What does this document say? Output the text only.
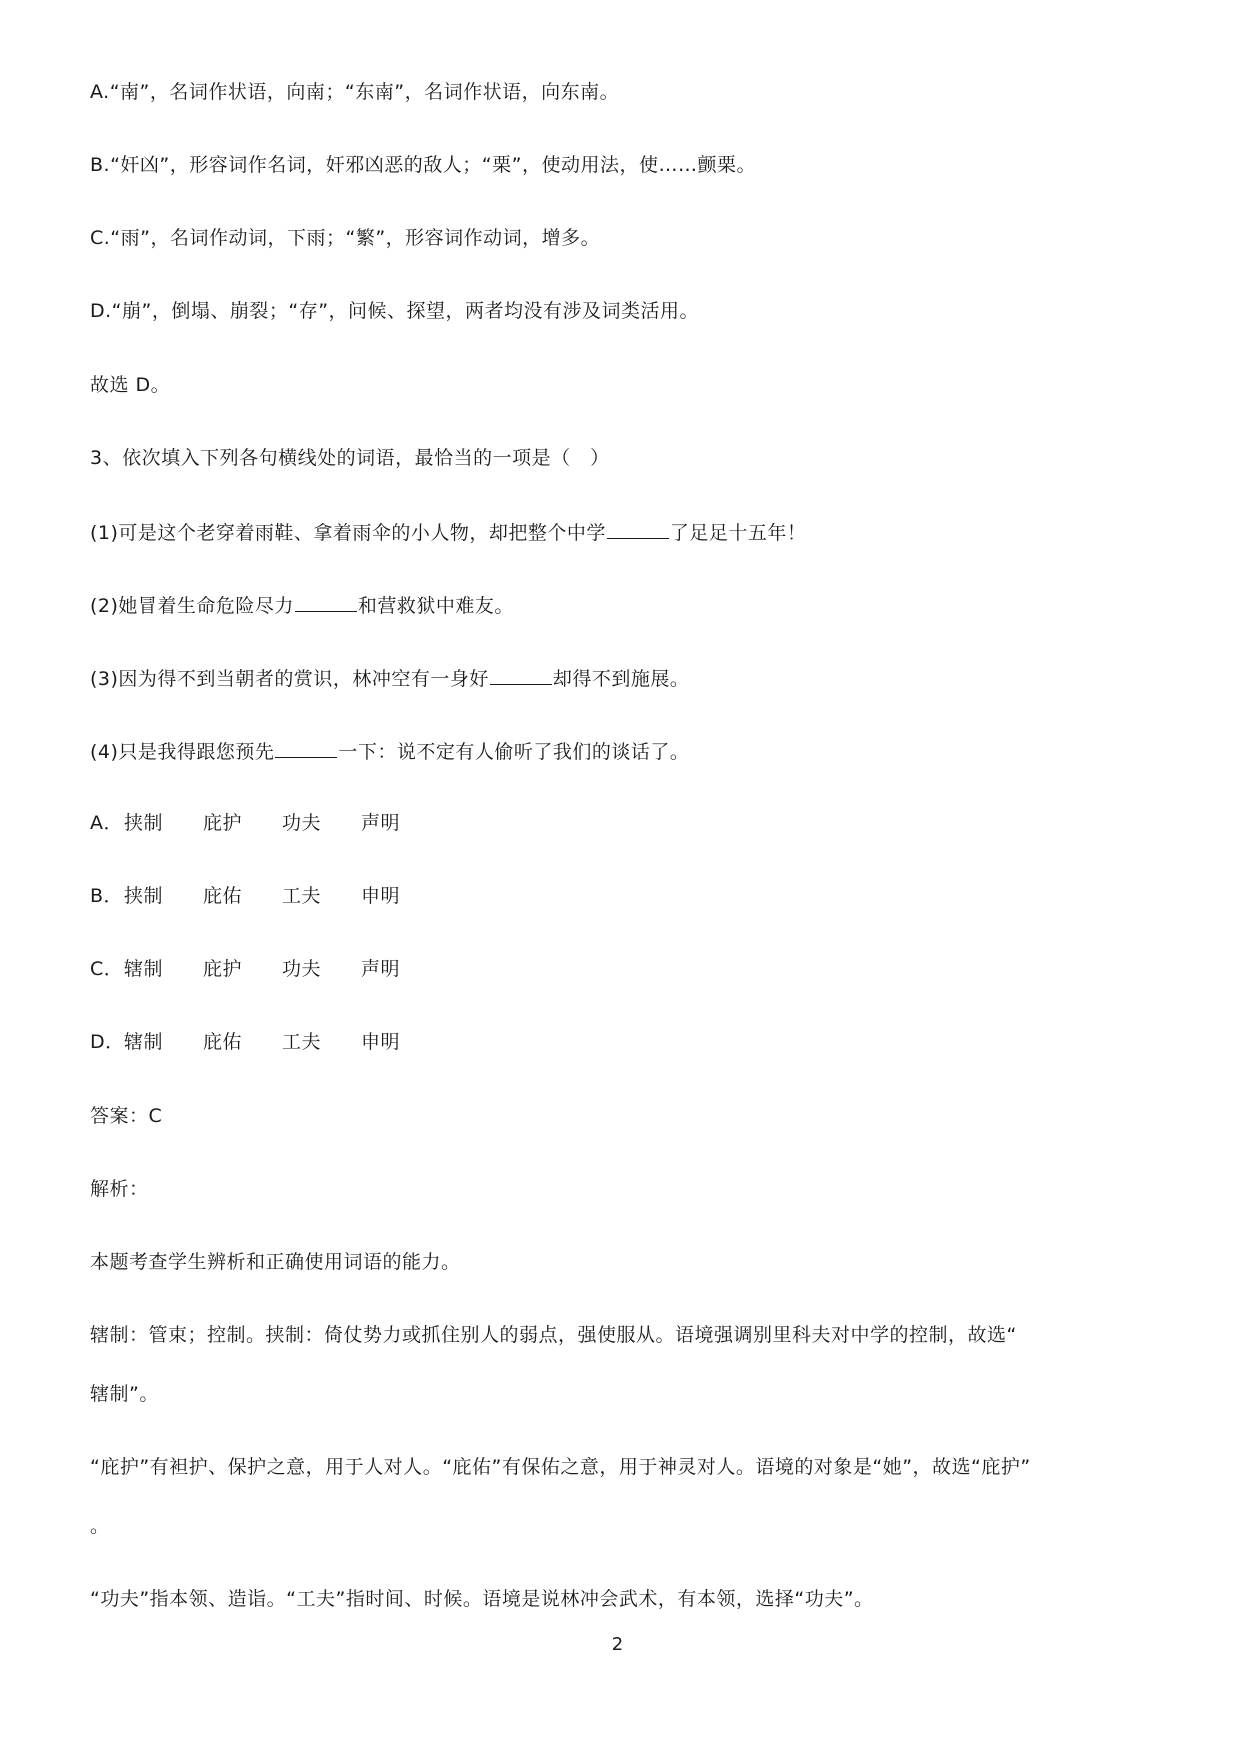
A.“南”，名词作状语，向南；“东南”，名词作状语，向东南。
B.“奸凶”，形容词作名词，奸邪凶恶的敌人；“栗”，使动用法，使……颤栗。
C.“雨”，名词作动词，下雨；“繁”，形容词作动词，增多。
D.“崩”，倒塌、崩裂；“存”，问候、探望，两者均没有涉及词类活用。
故选 D。
3、依次填入下列各句横线处的词语，最恰当的一项是（　）
(1)可是这个老穿着雨鞋、拿着雨伞的小人物，却把整个中学	了足足十五年！
(2)她冒着生命危险尽力	和营救狱中难友。
(3)因为得不到当朝者的赏识，林冲空有一身好	却得不到施展。
(4)只是我得跟您预先	一下：说不定有人偷听了我们的谈话了。
A．挟制 庇护 功夫 声明
B．挟制 庇佑 工夫 申明
C．辖制 庇护 功夫 声明
D．辖制 庇佑 工夫 申明
答案：C
解析：
本题考查学生辨析和正确使用词语的能力。
辖制：管束；控制。挟制：倚仗势力或抓住别人的弱点，强使服从。语境强调别里科夫对中学的控制，故选“
辖制”。
“庇护”有袒护、保护之意，用于人对人。“庇佑”有保佑之意，用于神灵对人。语境的对象是“她”，故选“庇护”
。
“功夫”指本领、造诣。“工夫”指时间、时候。语境是说林冲会武术，有本领，选择“功夫”。
2
